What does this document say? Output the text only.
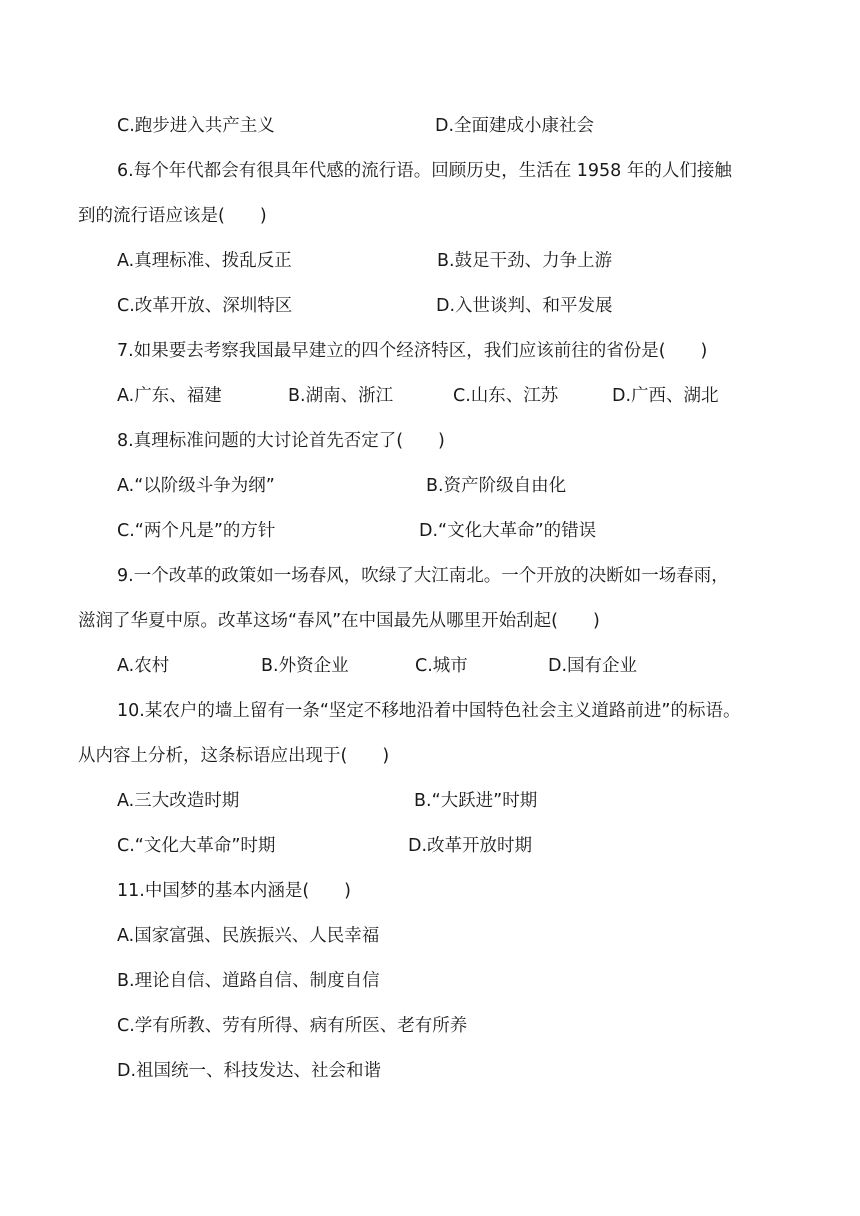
C.跑步进入共产主义	D.全面建成小康社会
6.每个年代都会有很具年代感的流行语。回顾历史，生活在 1958 年的人们接触
到的流行语应该是(　　)
A.真理标准、拨乱反正	B.鼓足干劲、力争上游
C.改革开放、深圳特区	D.入世谈判、和平发展
7.如果要去考察我国最早建立的四个经济特区，我们应该前往的省份是(　　)
A.广东、福建	B.湖南、浙江	C.山东、江苏	D.广西、湖北
8.真理标准问题的大讨论首先否定了(　　)
A.“以阶级斗争为纲”	B.资产阶级自由化
C.“两个凡是”的方针	D.“文化大革命”的错误
9.一个改革的政策如一场春风，吹绿了大江南北。一个开放的决断如一场春雨，
滋润了华夏中原。改革这场“春风”在中国最先从哪里开始刮起(　　)
A.农村	B.外资企业	C.城市	D.国有企业
10.某农户的墙上留有一条“坚定不移地沿着中国特色社会主义道路前进”的标语。
从内容上分析，这条标语应出现于(　　)
A.三大改造时期	B.“大跃进”时期
C.“文化大革命”时期	D.改革开放时期
11.中国梦的基本内涵是(　　)
A.国家富强、民族振兴、人民幸福
B.理论自信、道路自信、制度自信
C.学有所教、劳有所得、病有所医、老有所养
D.祖国统一、科技发达、社会和谐
